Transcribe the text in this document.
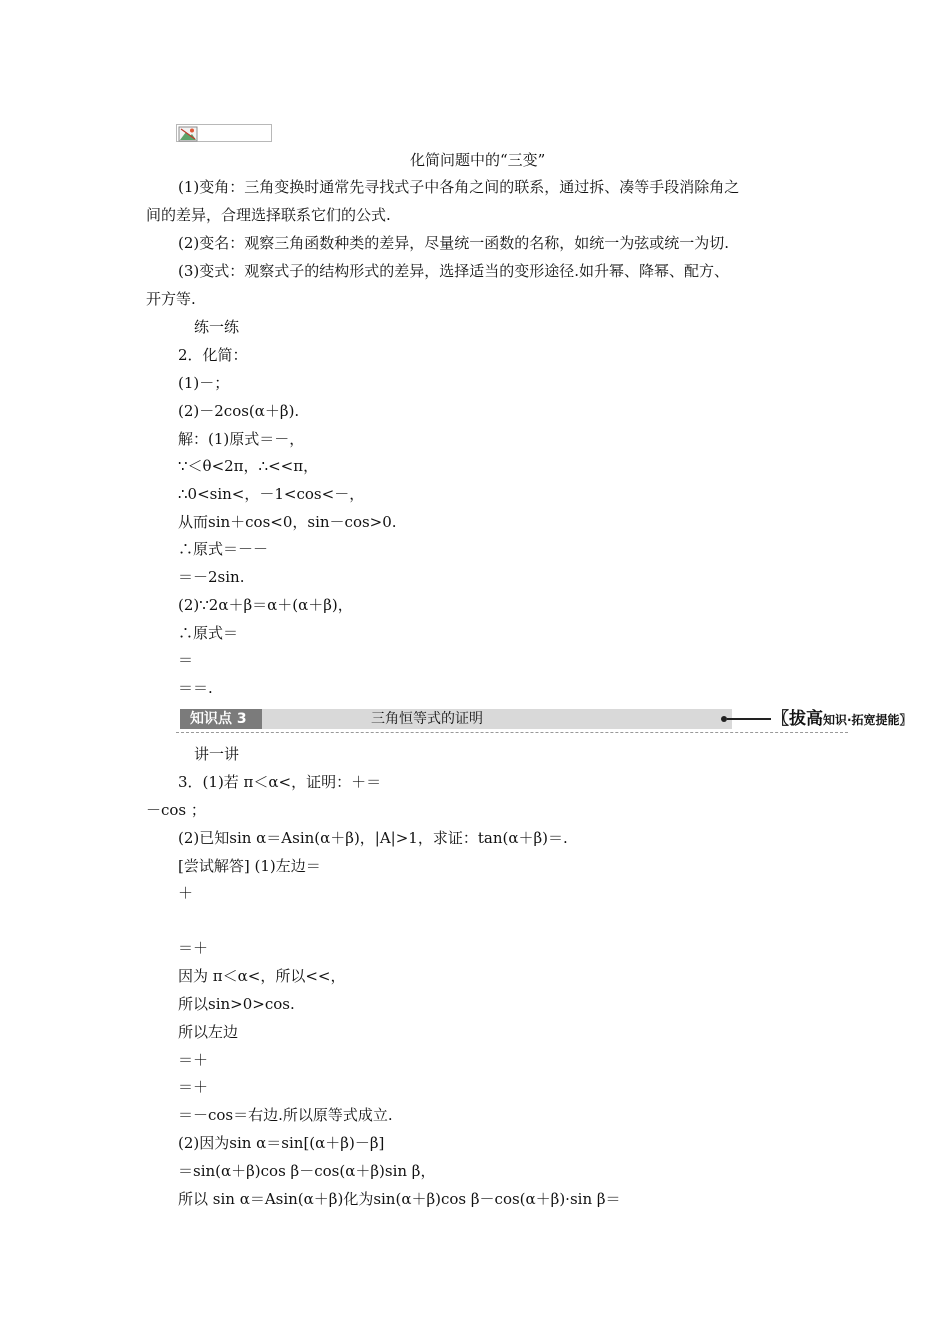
化简问题中的“三变”
(1)变角：三角变换时通常先寻找式子中各角之间的联系，通过拆、凑等手段消除角之
间的差异，合理选择联系它们的公式.
(2)变名：观察三角函数种类的差异，尽量统一函数的名称，如统一为弦或统一为切.
(3)变式：观察式子的结构形式的差异，选择适当的变形途径.如升幂、降幂、配方、
开方等.
练一练
2．化简：
(1)－；
(2)－2cos(α＋β).
解：(1)原式＝－，
∵＜θ<2π，∴<<π，
∴0<sin<，－1<cos<－，
从而sin＋cos<0，sin－cos>0.
∴原式＝－－
＝－2sin.
(2)∵2α＋β＝α＋(α＋β)，
∴原式＝
＝
＝＝.
知识点 3	三角恒等式的证明	〖拔高知识·拓宽提能〗
讲一讲
3．(1)若 π＜α<，证明：＋＝
－cos ；
(2)已知sin α＝Asin(α＋β)，|A|>1，求证：tan(α＋β)＝.
[尝试解答] (1)左边＝
＋
＝＋
因为 π＜α<，所以<<，
所以sin>0>cos.
所以左边
＝＋
＝＋
＝－cos＝右边.所以原等式成立.
(2)因为sin α＝sin[(α＋β)－β]
＝sin(α＋β)cos β－cos(α＋β)sin β，
所以 sin α＝Asin(α＋β)化为sin(α＋β)cos β－cos(α＋β)·sin β＝
